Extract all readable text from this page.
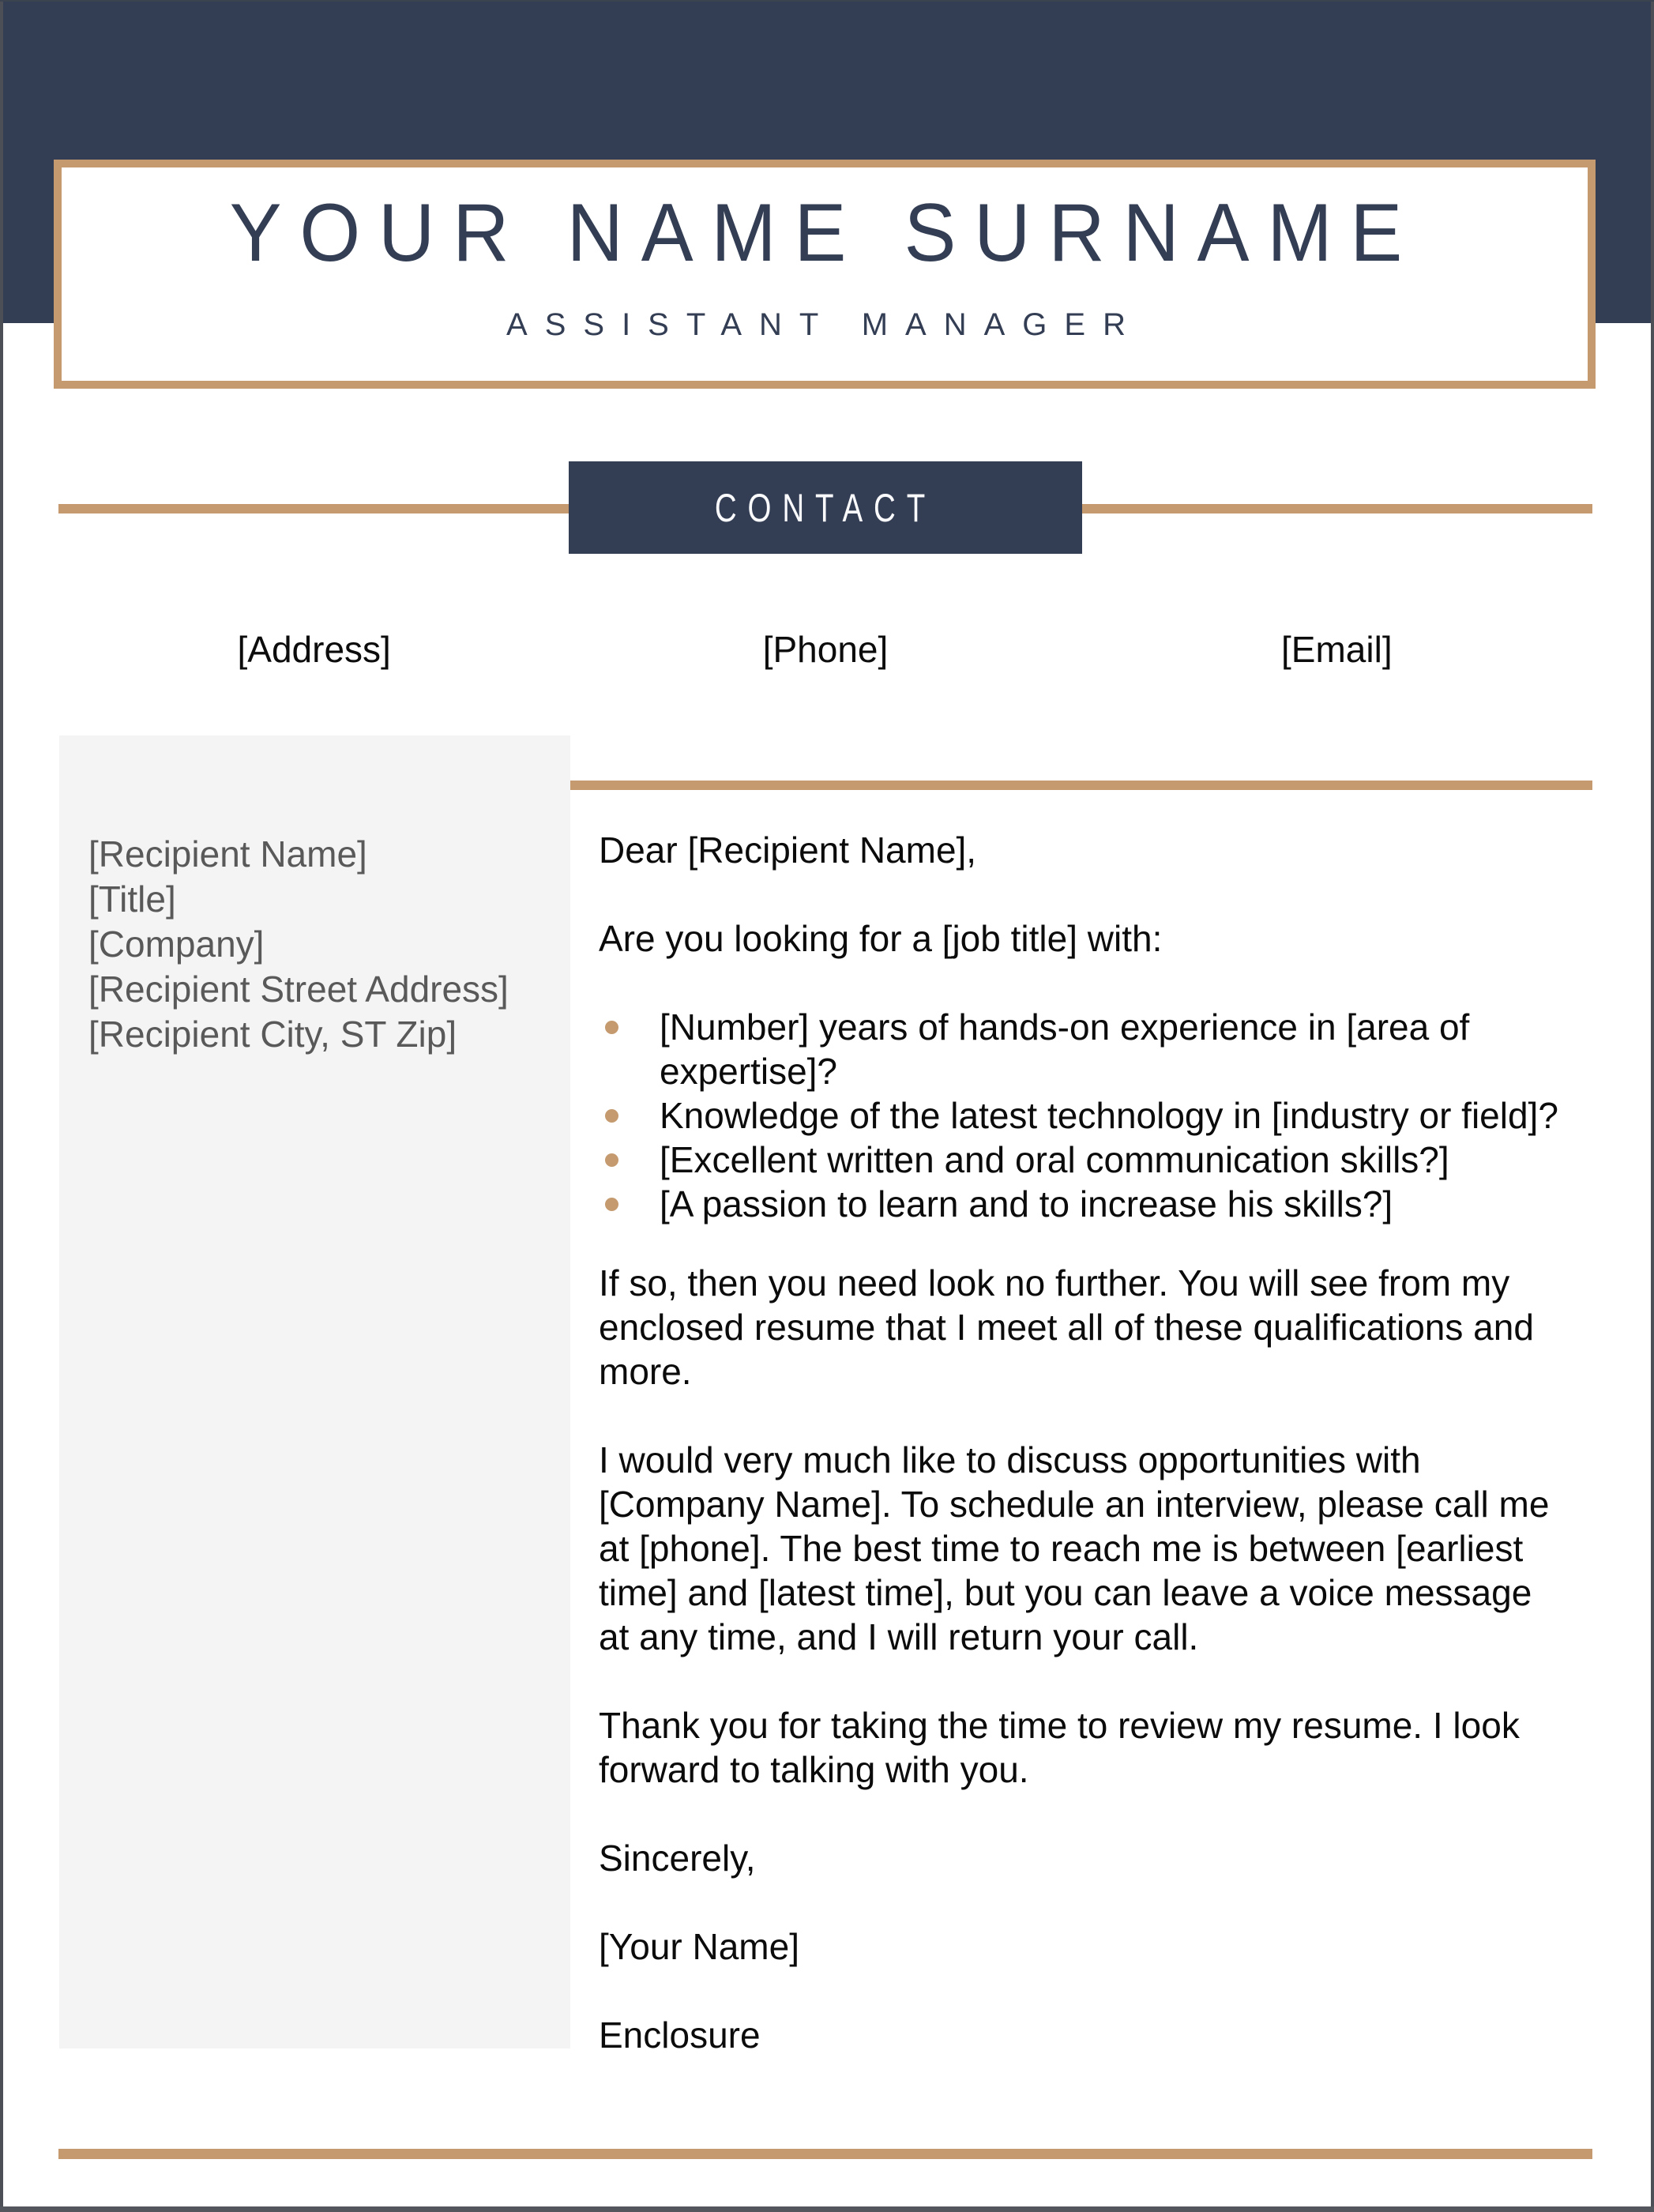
YOUR NAME SURNAME
ASSISTANT MANAGER
CONTACT
[Address]	[Phone]	[Email]
[Recipient Name]
[Title]
[Company]
[Recipient Street Address]
[Recipient City, ST Zip]

Dear [Recipient Name],

Are you looking for a [job title] with:

[Number] years of hands-on experience in [area of expertise]?
Knowledge of the latest technology in [industry or field]?
[Excellent written and oral communication skills?]
[A passion to learn and to increase his skills?]

If so, then you need look no further. You will see from my enclosed resume that I meet all of these qualifications and more.

I would very much like to discuss opportunities with [Company Name]. To schedule an interview, please call me at [phone]. The best time to reach me is between [earliest time] and [latest time], but you can leave a voice message at any time, and I will return your call.

Thank you for taking the time to review my resume. I look forward to talking with you.

Sincerely,

[Your Name]

Enclosure
